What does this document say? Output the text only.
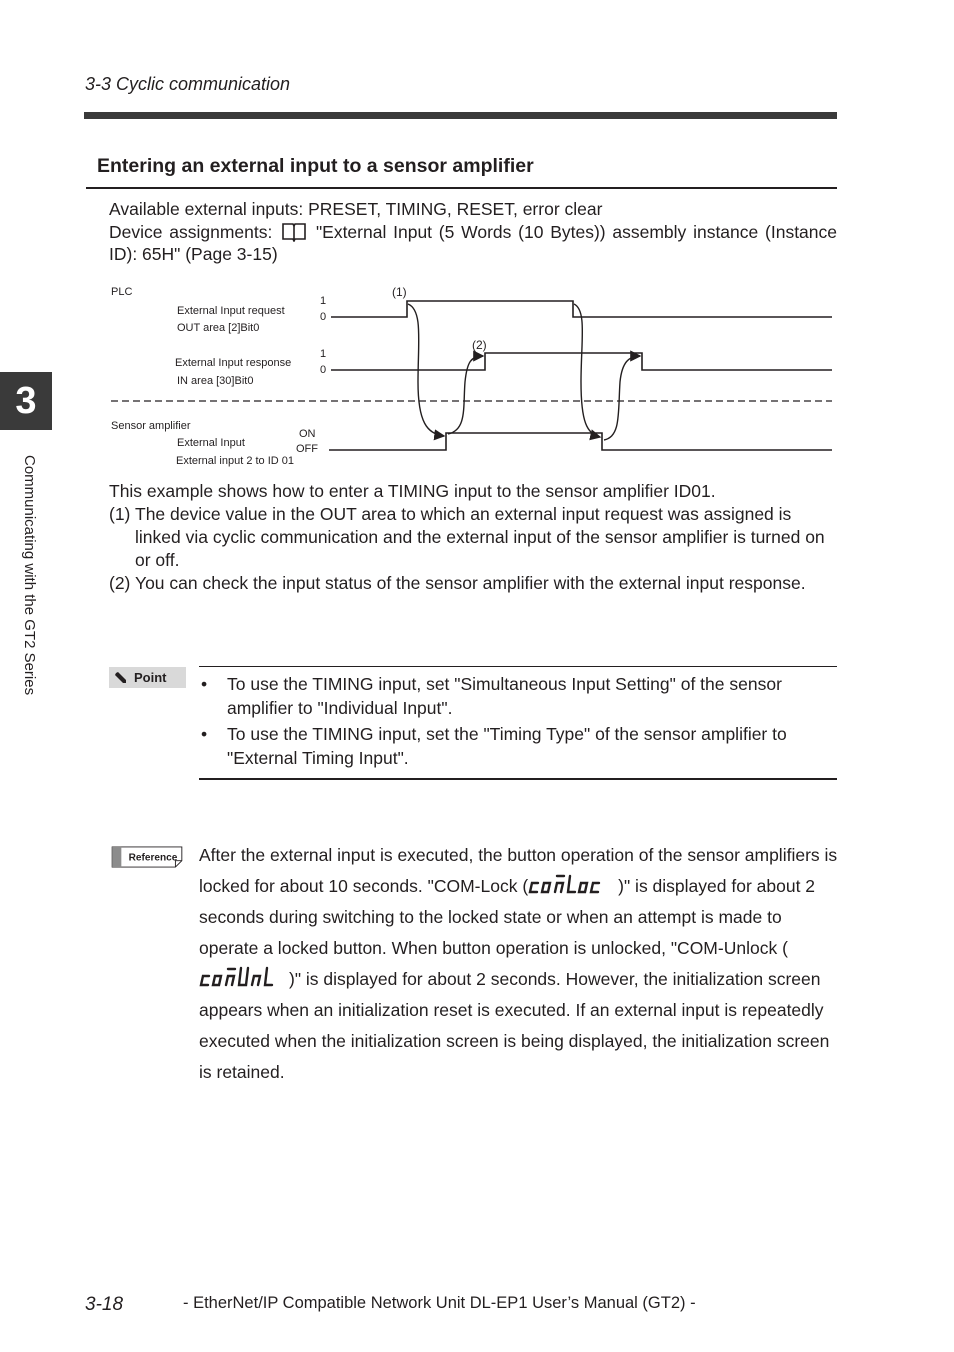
3-3 Cyclic communication
Entering an external input to a sensor amplifier

Available external inputs: PRESET, TIMING, RESET, error clear

Device assignments: "External Input (5 Words (10 Bytes)) assembly instance (Instance ID): 65H" (Page 3-15)

PLC
External Input request
OUT area [2]Bit0
1
0
External Input response
IN area [30]Bit0
1
0
Sensor amplifier
External Input
External input 2 to ID 01
ON
OFF
(1)
(2)

This example shows how to enter a TIMING input to the sensor amplifier ID01.

(1) The device value in the OUT area to which an external input request was assigned is linked via cyclic communication and the external input of the sensor amplifier is turned on or off.
(2) You can check the input status of the sensor amplifier with the external input response.
Point •	To use the TIMING input, set "Simultaneous Input Setting" of the sensor amplifier to "Individual Input".
•	To use the TIMING input, set the "Timing Type" of the sensor amplifier to "External Timing Input".
Reference After the external input is executed, the button operation of the sensor amplifiers is locked for about 10 seconds. "COM-Lock (	)" is displayed for about 2 seconds during switching to the locked state or when an attempt is made to operate a locked button. When button operation is unlocked, "COM-Unlock ()" is displayed for about 2 seconds. However, the initialization screen appears when an initialization reset is executed. If an external input is repeatedly executed when the initialization screen is being displayed, the initialization screen is retained.

3
Communicating with the GT2 Series
3-18	- EtherNet/IP Compatible Network Unit DL-EP1 User’s Manual (GT2) -
